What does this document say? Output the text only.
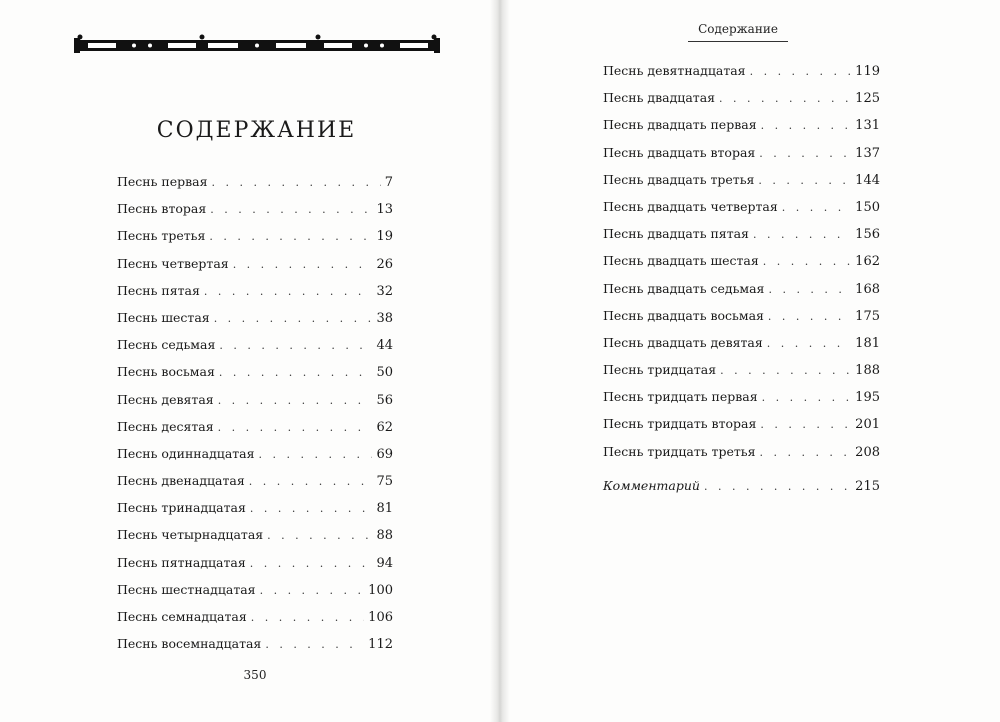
СОДЕРЖАНИЕ
Песнь первая . . .	7
Песнь вторая . . .	13
Песнь третья . . .	19
Песнь четвертая . . .	26
Песнь пятая . . .	32
Песнь шестая . . .	38
Песнь седьмая . . .	44
Песнь восьмая . . .	50
Песнь девятая . . .	56
Песнь десятая . . .	62
Песнь одиннадцатая . . .	69
Песнь двенадцатая . . .	75
Песнь тринадцатая . . .	81
Песнь четырнадцатая . . .	88
Песнь пятнадцатая . . .	94
Песнь шестнадцатая . . .	100
Песнь семнадцатая . . .	106
Песнь восемнадцатая . . .	112
350
Содержание
Песнь девятнадцатая . . .	119
Песнь двадцатая . . .	125
Песнь двадцать первая . . .	131
Песнь двадцать вторая . . .	137
Песнь двадцать третья . . .	144
Песнь двадцать четвертая . . .	150
Песнь двадцать пятая . . .	156
Песнь двадцать шестая . . .	162
Песнь двадцать седьмая . . .	168
Песнь двадцать восьмая . . .	175
Песнь двадцать девятая . . .	181
Песнь тридцатая . . .	188
Песнь тридцать первая . . .	195
Песнь тридцать вторая . . .	201
Песнь тридцать третья . . .	208
Комментарий . . .	215
